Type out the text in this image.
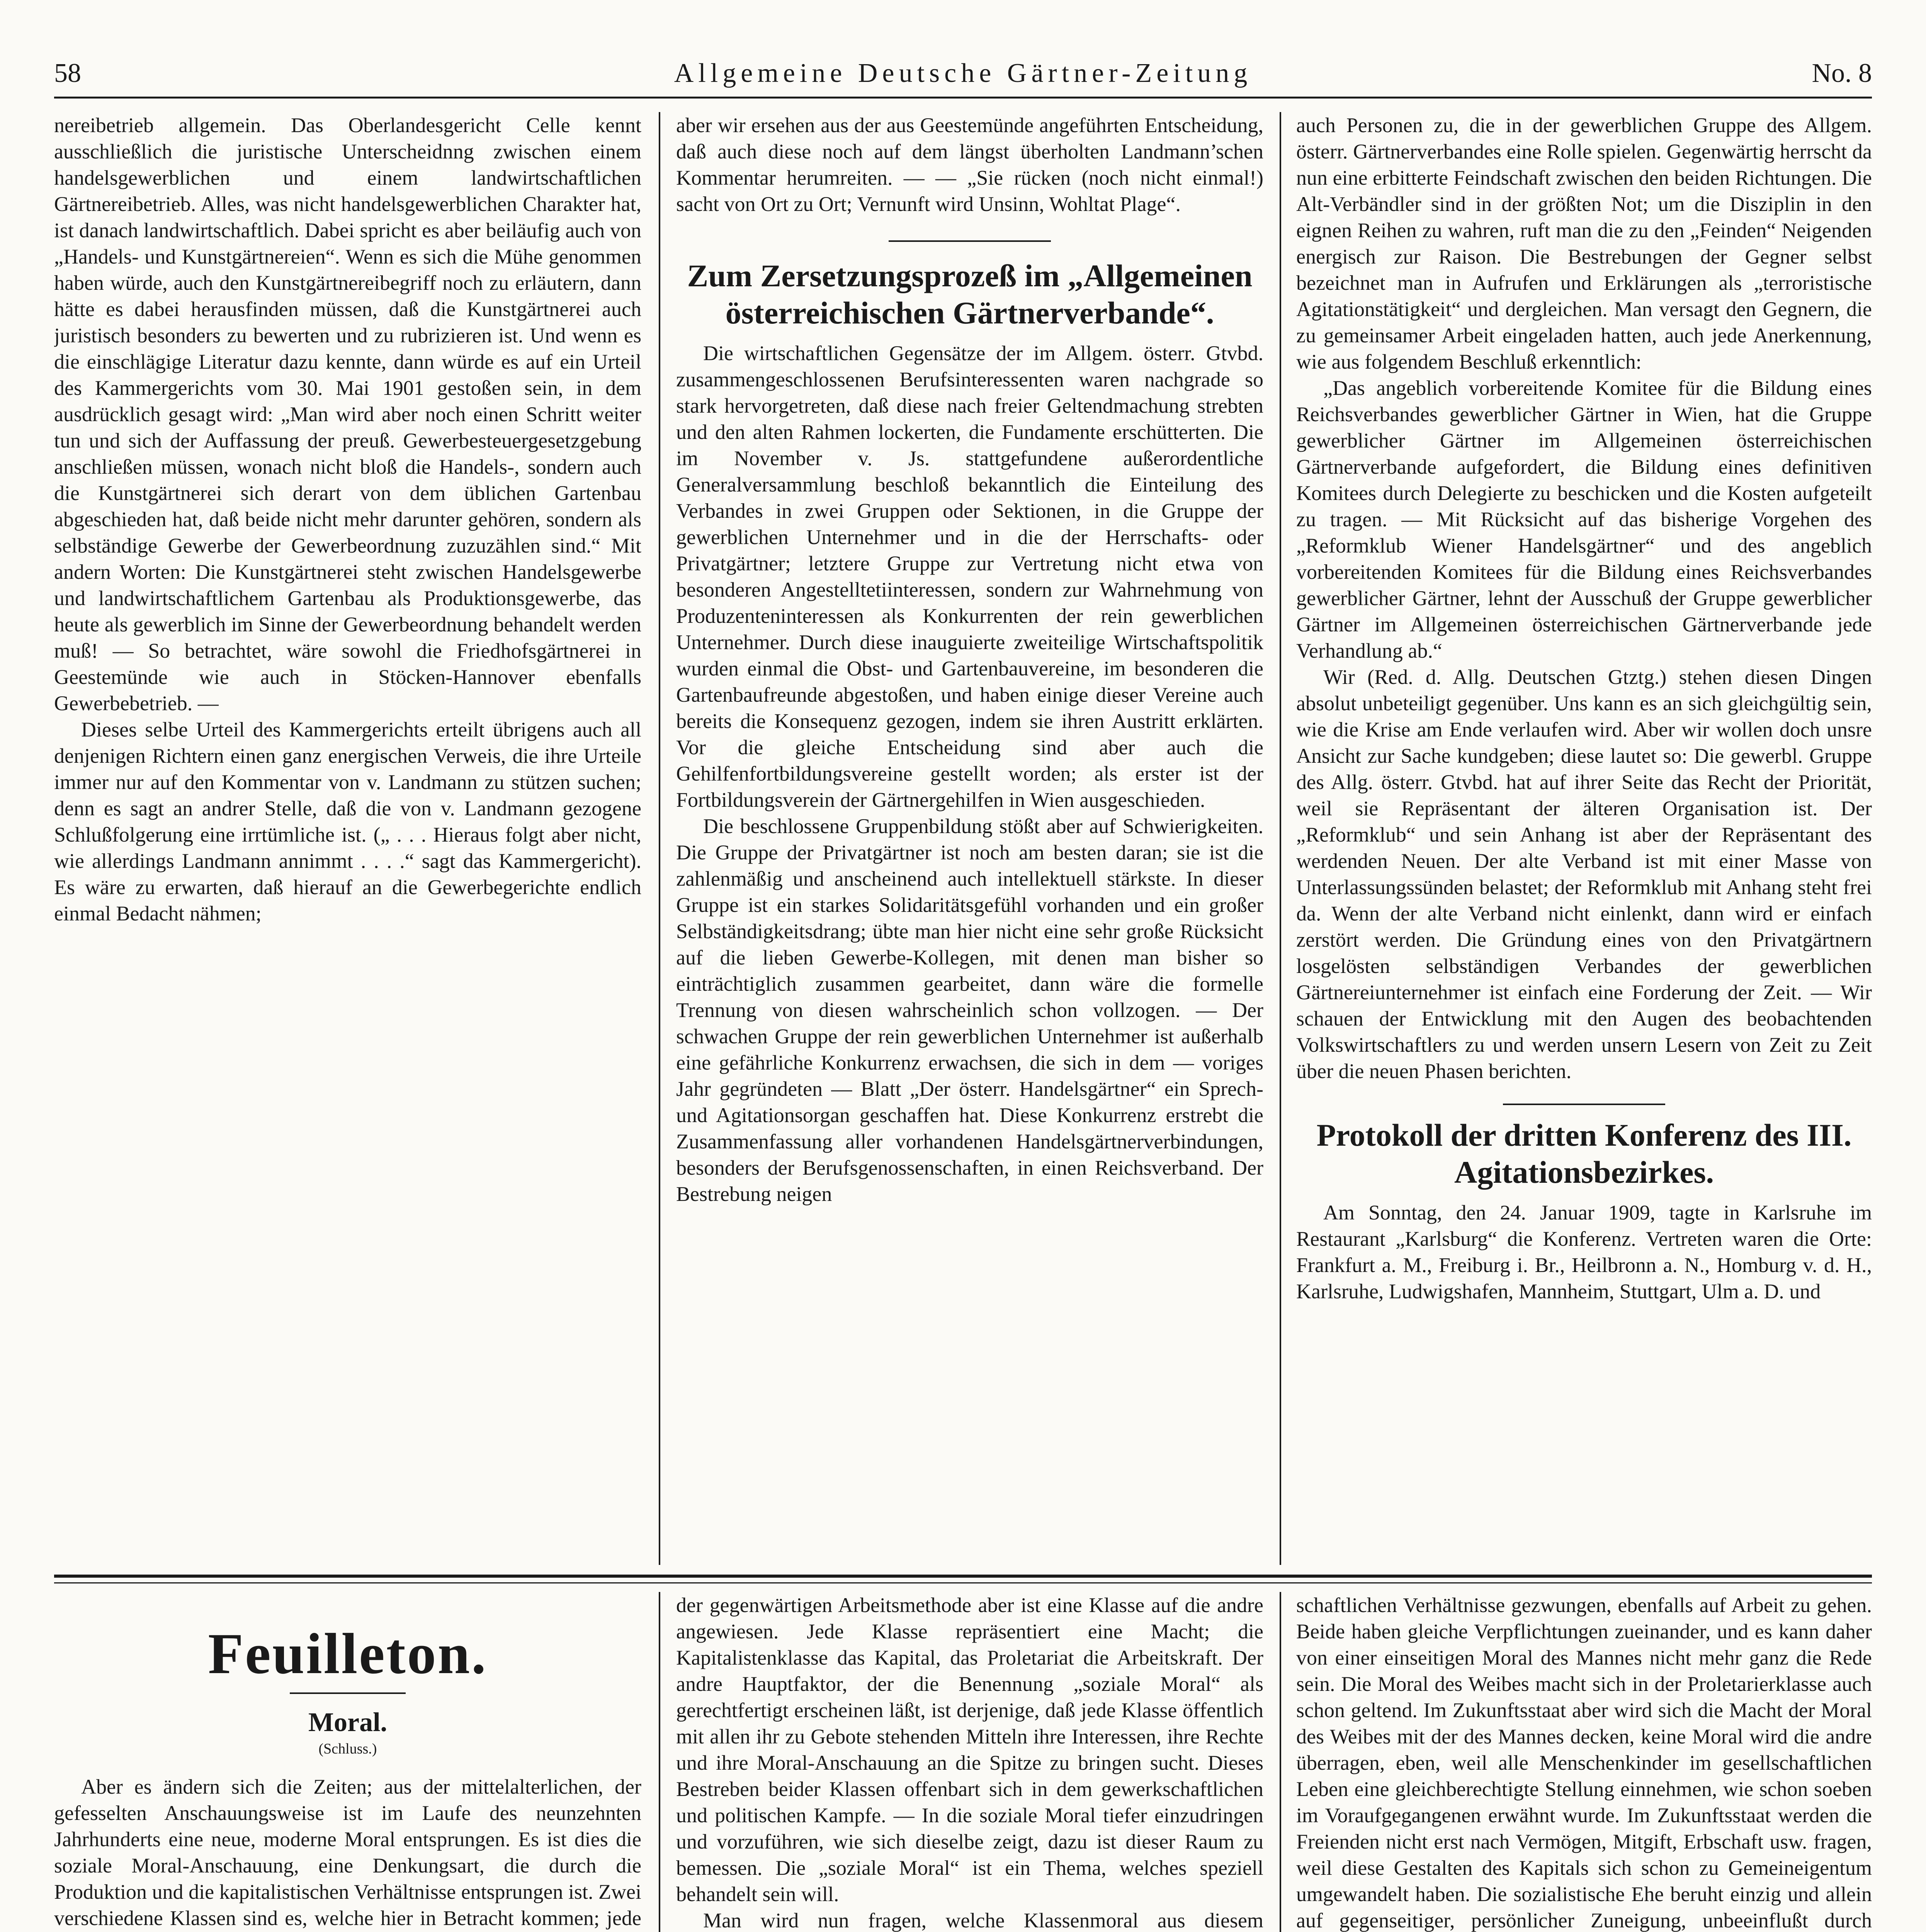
58	Allgemeine Deutsche Gärtner-Zeitung	No. 8

nereibetrieb allgemein. Das Oberlandesgericht Celle kennt ausschließlich die juristische Unterscheidnng zwischen einem handelsgewerblichen und einem landwirtschaftlichen Gärtnereibetrieb. Alles, was nicht handelsgewerblichen Charakter hat, ist danach landwirtschaftlich. Dabei spricht es aber beiläufig auch von „Handels- und Kunstgärtnereien“. Wenn es sich die Mühe genommen haben würde, auch den Kunstgärtnereibegriff noch zu erläutern, dann hätte es dabei herausfinden müssen, daß die Kunstgärtnerei auch juristisch besonders zu bewerten und zu rubrizieren ist. Und wenn es die einschlägige Literatur dazu kennte, dann würde es auf ein Urteil des Kammergerichts vom 30. Mai 1901 gestoßen sein, in dem ausdrücklich gesagt wird: „Man wird aber noch einen Schritt weiter tun und sich der Auffassung der preuß. Gewerbesteuergesetzgebung anschließen müssen, wonach nicht bloß die Handels-, sondern auch die Kunstgärtnerei sich derart von dem üblichen Gartenbau abgeschieden hat, daß beide nicht mehr darunter gehören, sondern als selbständige Gewerbe der Gewerbeordnung zuzuzählen sind.“ Mit andern Worten: Die Kunstgärtnerei steht zwischen Handelsgewerbe und landwirtschaftlichem Gartenbau als Produktionsgewerbe, das heute als gewerblich im Sinne der Gewerbeordnung behandelt werden muß! — So betrachtet, wäre sowohl die Friedhofsgärtnerei in Geestemünde wie auch in Stöcken-Hannover ebenfalls Gewerbebetrieb. —

Dieses selbe Urteil des Kammergerichts erteilt übrigens auch all denjenigen Richtern einen ganz energischen Verweis, die ihre Urteile immer nur auf den Kommentar von v. Landmann zu stützen suchen; denn es sagt an andrer Stelle, daß die von v. Landmann gezogene Schlußfolgerung eine irrtümliche ist. („ . . . Hieraus folgt aber nicht, wie allerdings Landmann annimmt . . . .“ sagt das Kammergericht). Es wäre zu erwarten, daß hierauf an die Gewerbegerichte endlich einmal Bedacht nähmen;

aber wir ersehen aus der aus Geestemünde angeführten Entscheidung, daß auch diese noch auf dem längst überholten Landmann’schen Kommentar herumreiten. — — „Sie rücken (noch nicht einmal!) sacht von Ort zu Ort; Vernunft wird Unsinn, Wohltat Plage“.

Zum Zersetzungsprozeß im „Allgemeinen österreichischen Gärtnerverbande“.

Die wirtschaftlichen Gegensätze der im Allgem. österr. Gtvbd. zusammengeschlossenen Berufsinteressenten waren nachgrade so stark hervorgetreten, daß diese nach freier Geltendmachung strebten und den alten Rahmen lockerten, die Fundamente erschütterten. Die im November v. Js. stattgefundene außerordentliche Generalversammlung beschloß bekanntlich die Einteilung des Verbandes in zwei Gruppen oder Sektionen, in die Gruppe der gewerblichen Unternehmer und in die der Herrschafts- oder Privatgärtner; letztere Gruppe zur Vertretung nicht etwa von besonderen Angestelltetiinteressen, sondern zur Wahrnehmung von Produzenteninteressen als Konkurrenten der rein gewerblichen Unternehmer. Durch diese inauguierte zweiteilige Wirtschaftspolitik wurden einmal die Obst- und Gartenbauvereine, im besonderen die Gartenbaufreunde abgestoßen, und haben einige dieser Vereine auch bereits die Konsequenz gezogen, indem sie ihren Austritt erklärten. Vor die gleiche Entscheidung sind aber auch die Gehilfenfortbildungsvereine gestellt worden; als erster ist der Fortbildungsverein der Gärtnergehilfen in Wien ausgeschieden.

Die beschlossene Gruppenbildung stößt aber auf Schwierigkeiten. Die Gruppe der Privatgärtner ist noch am besten daran; sie ist die zahlenmäßig und anscheinend auch intellektuell stärkste. In dieser Gruppe ist ein starkes Solidaritätsgefühl vorhanden und ein großer Selbständigkeitsdrang; übte man hier nicht eine sehr große Rücksicht auf die lieben Gewerbe-Kollegen, mit denen man bisher so einträchtiglich zusammen gearbeitet, dann wäre die formelle Trennung von diesen wahrscheinlich schon vollzogen. — Der schwachen Gruppe der rein gewerblichen Unternehmer ist außerhalb eine gefährliche Konkurrenz erwachsen, die sich in dem — voriges Jahr gegründeten — Blatt „Der österr. Handelsgärtner“ ein Sprech- und Agitationsorgan geschaffen hat. Diese Konkurrenz erstrebt die Zusammenfassung aller vorhandenen Handelsgärtnerverbindungen, besonders der Berufsgenossenschaften, in einen Reichsverband. Der Bestrebung neigen

auch Personen zu, die in der gewerblichen Gruppe des Allgem. österr. Gärtnerverbandes eine Rolle spielen. Gegenwärtig herrscht da nun eine erbitterte Feindschaft zwischen den beiden Richtungen. Die Alt-Verbändler sind in der größten Not; um die Disziplin in den eignen Reihen zu wahren, ruft man die zu den „Feinden“ Neigenden energisch zur Raison. Die Bestrebungen der Gegner selbst bezeichnet man in Aufrufen und Erklärungen als „terroristische Agitationstätigkeit“ und dergleichen. Man versagt den Gegnern, die zu gemeinsamer Arbeit eingeladen hatten, auch jede Anerkennung, wie aus folgendem Beschluß erkenntlich:

„Das angeblich vorbereitende Komitee für die Bildung eines Reichsverbandes gewerblicher Gärtner in Wien, hat die Gruppe gewerblicher Gärtner im Allgemeinen österreichischen Gärtnerverbande aufgefordert, die Bildung eines definitiven Komitees durch Delegierte zu beschicken und die Kosten aufgeteilt zu tragen. — Mit Rücksicht auf das bisherige Vorgehen des „Reformklub Wiener Handelsgärtner“ und des angeblich vorbereitenden Komitees für die Bildung eines Reichsverbandes gewerblicher Gärtner, lehnt der Ausschuß der Gruppe gewerblicher Gärtner im Allgemeinen österreichischen Gärtnerverbande jede Verhandlung ab.“

Wir (Red. d. Allg. Deutschen Gtztg.) stehen diesen Dingen absolut unbeteiligt gegenüber. Uns kann es an sich gleichgültig sein, wie die Krise am Ende verlaufen wird. Aber wir wollen doch unsre Ansicht zur Sache kundgeben; diese lautet so: Die gewerbl. Gruppe des Allg. österr. Gtvbd. hat auf ihrer Seite das Recht der Priorität, weil sie Repräsentant der älteren Organisation ist. Der „Reformklub“ und sein Anhang ist aber der Repräsentant des werdenden Neuen. Der alte Verband ist mit einer Masse von Unterlassungssünden belastet; der Reformklub mit Anhang steht frei da. Wenn der alte Verband nicht einlenkt, dann wird er einfach zerstört werden. Die Gründung eines von den Privatgärtnern losgelösten selbständigen Verbandes der gewerblichen Gärtnereiunternehmer ist einfach eine Forderung der Zeit. — Wir schauen der Entwicklung mit den Augen des beobachtenden Volkswirtschaftlers zu und werden unsern Lesern von Zeit zu Zeit über die neuen Phasen berichten.

Protokoll der dritten Konferenz des III. Agitationsbezirkes.

Am Sonntag, den 24. Januar 1909, tagte in Karlsruhe im Restaurant „Karlsburg“ die Konferenz. Vertreten waren die Orte: Frankfurt a. M., Freiburg i. Br., Heilbronn a. N., Homburg v. d. H., Karlsruhe, Ludwigshafen, Mannheim, Stuttgart, Ulm a. D. und

Feuilleton.
Moral.
(Schluss.)

Aber es ändern sich die Zeiten; aus der mittelalterlichen, der gefesselten Anschauungsweise ist im Laufe des neunzehnten Jahrhunderts eine neue, moderne Moral entsprungen. Es ist dies die soziale Moral-Anschauung, eine Denkungsart, die durch die Produktion und die kapitalistischen Verhältnisse entsprungen ist. Zwei verschiedene Klassen sind es, welche hier in Betracht kommen; jede

der gegenwärtigen Arbeitsmethode aber ist eine Klasse auf die andre angewiesen. Jede Klasse repräsentiert eine Macht; die Kapitalistenklasse das Kapital, das Proletariat die Arbeitskraft. Der andre Hauptfaktor, der die Benennung „soziale Moral“ als gerechtfertigt erscheinen läßt, ist derjenige, daß jede Klasse öffentlich mit allen ihr zu Gebote stehenden Mitteln ihre Interessen, ihre Rechte und ihre Moral-Anschauung an die Spitze zu bringen sucht. Dieses Bestreben beider Klassen offenbart sich in dem gewerkschaftlichen und politischen Kampfe. — In die soziale Moral tiefer einzudringen und vorzuführen, wie sich dieselbe zeigt, dazu ist dieser Raum zu bemessen. Die „soziale Moral“ ist ein Thema, welches speziell behandelt sein will.

Man wird nun fragen, welche Klassenmoral aus diesem

schaftlichen Verhältnisse gezwungen, ebenfalls auf Arbeit zu gehen. Beide haben gleiche Verpflichtungen zueinander, und es kann daher von einer einseitigen Moral des Mannes nicht mehr ganz die Rede sein. Die Moral des Weibes macht sich in der Proletarierklasse auch schon geltend. Im Zukunftsstaat aber wird sich die Macht der Moral des Weibes mit der des Mannes decken, keine Moral wird die andre überragen, eben, weil alle Menschenkinder im gesellschaftlichen Leben eine gleichberechtigte Stellung einnehmen, wie schon soeben im Voraufgegangenen erwähnt wurde. Im Zukunftsstaat werden die Freienden nicht erst nach Vermögen, Mitgift, Erbschaft usw. fragen, weil diese Gestalten des Kapitals sich schon zu Gemeineigentum umgewandelt haben. Die sozialistische Ehe beruht einzig und allein auf gegenseitiger, persönlicher Zuneigung, unbeeinflußt durch
